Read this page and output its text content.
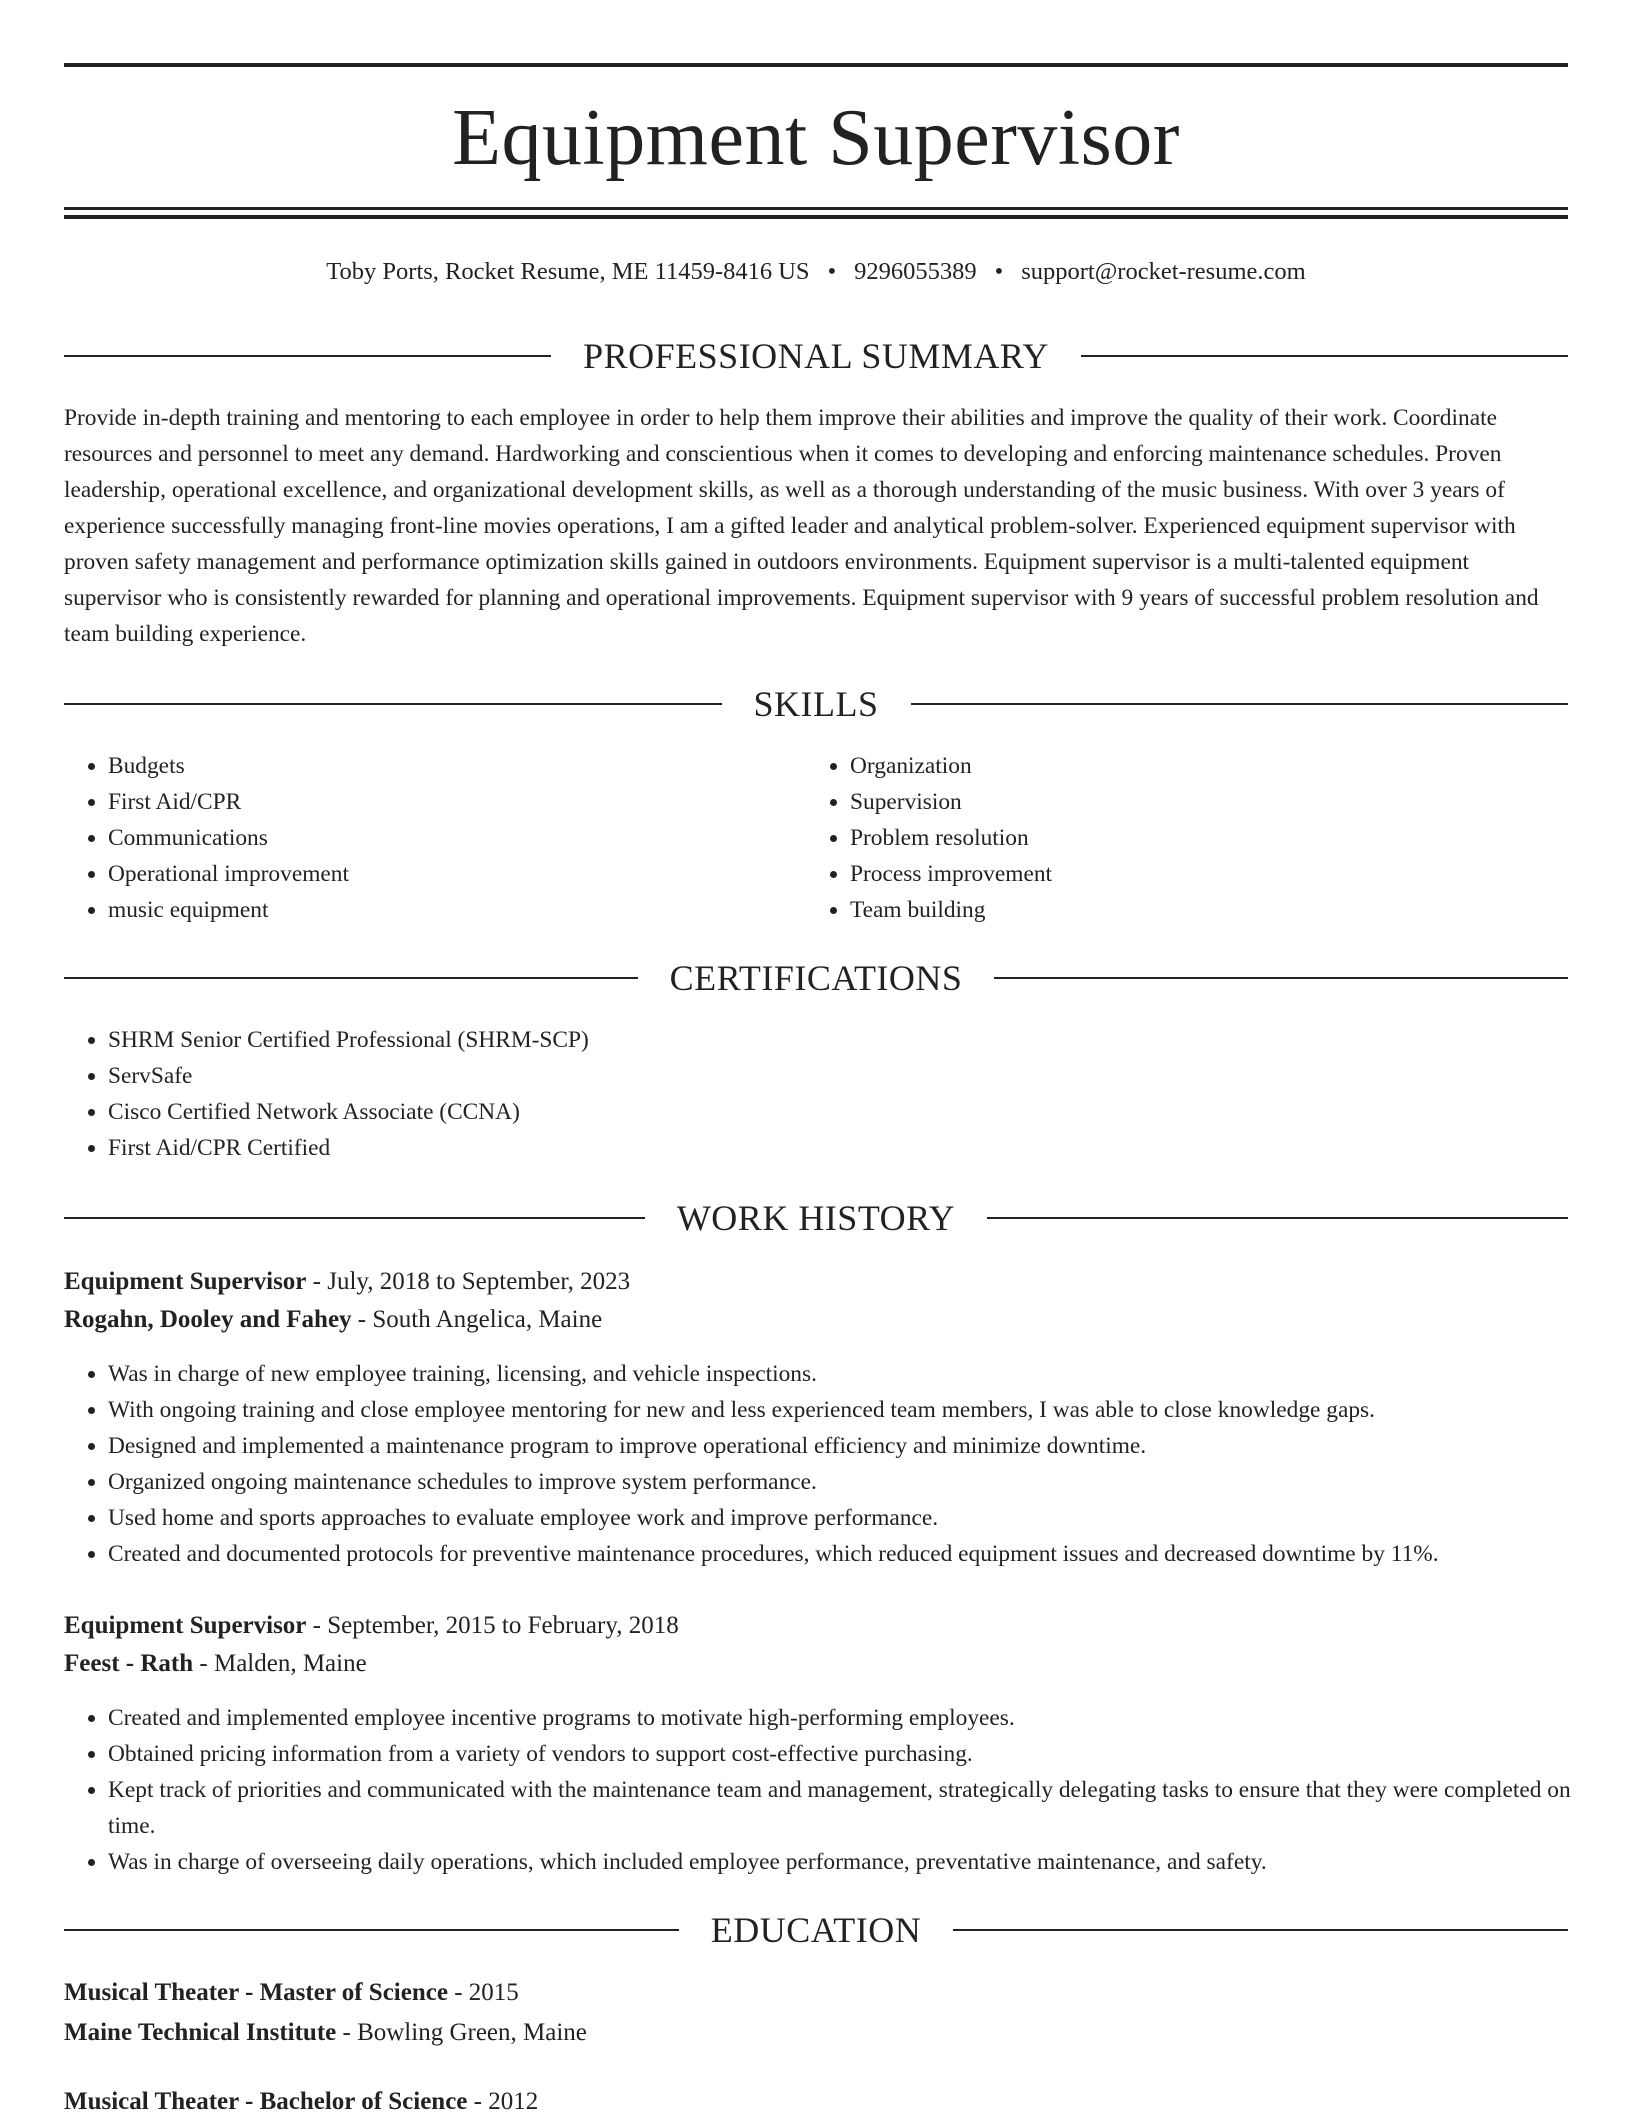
Equipment Supervisor
Toby Ports, Rocket Resume, ME 11459-8416 US • 9296055389 • support@rocket-resume.com
PROFESSIONAL SUMMARY

Provide in-depth training and mentoring to each employee in order to help them improve their abilities and improve the quality of their work. Coordinate resources and personnel to meet any demand. Hardworking and conscientious when it comes to developing and enforcing maintenance schedules. Proven leadership, operational excellence, and organizational development skills, as well as a thorough understanding of the music business. With over 3 years of experience successfully managing front-line movies operations, I am a gifted leader and analytical problem-solver. Experienced equipment supervisor with proven safety management and performance optimization skills gained in outdoors environments. Equipment supervisor is a multi-talented equipment supervisor who is consistently rewarded for planning and operational improvements. Equipment supervisor with 9 years of successful problem resolution and team building experience.

SKILLS
• Budgets
• First Aid/CPR
• Communications
• Operational improvement
• music equipment
• Organization
• Supervision
• Problem resolution
• Process improvement
• Team building
CERTIFICATIONS
• SHRM Senior Certified Professional (SHRM-SCP)
• ServSafe
• Cisco Certified Network Associate (CCNA)
• First Aid/CPR Certified
WORK HISTORY
Equipment Supervisor - July, 2018 to September, 2023
Rogahn, Dooley and Fahey - South Angelica, Maine
• Was in charge of new employee training, licensing, and vehicle inspections.
• With ongoing training and close employee mentoring for new and less experienced team members, I was able to close knowledge gaps.
• Designed and implemented a maintenance program to improve operational efficiency and minimize downtime.
• Organized ongoing maintenance schedules to improve system performance.
• Used home and sports approaches to evaluate employee work and improve performance.
• Created and documented protocols for preventive maintenance procedures, which reduced equipment issues and decreased downtime by 11%.
Equipment Supervisor - September, 2015 to February, 2018
Feest - Rath - Malden, Maine
• Created and implemented employee incentive programs to motivate high-performing employees.
• Obtained pricing information from a variety of vendors to support cost-effective purchasing.
• Kept track of priorities and communicated with the maintenance team and management, strategically delegating tasks to ensure that they were completed on time.
• Was in charge of overseeing daily operations, which included employee performance, preventative maintenance, and safety.
EDUCATION
Musical Theater - Master of Science - 2015
Maine Technical Institute - Bowling Green, Maine
Musical Theater - Bachelor of Science - 2012
